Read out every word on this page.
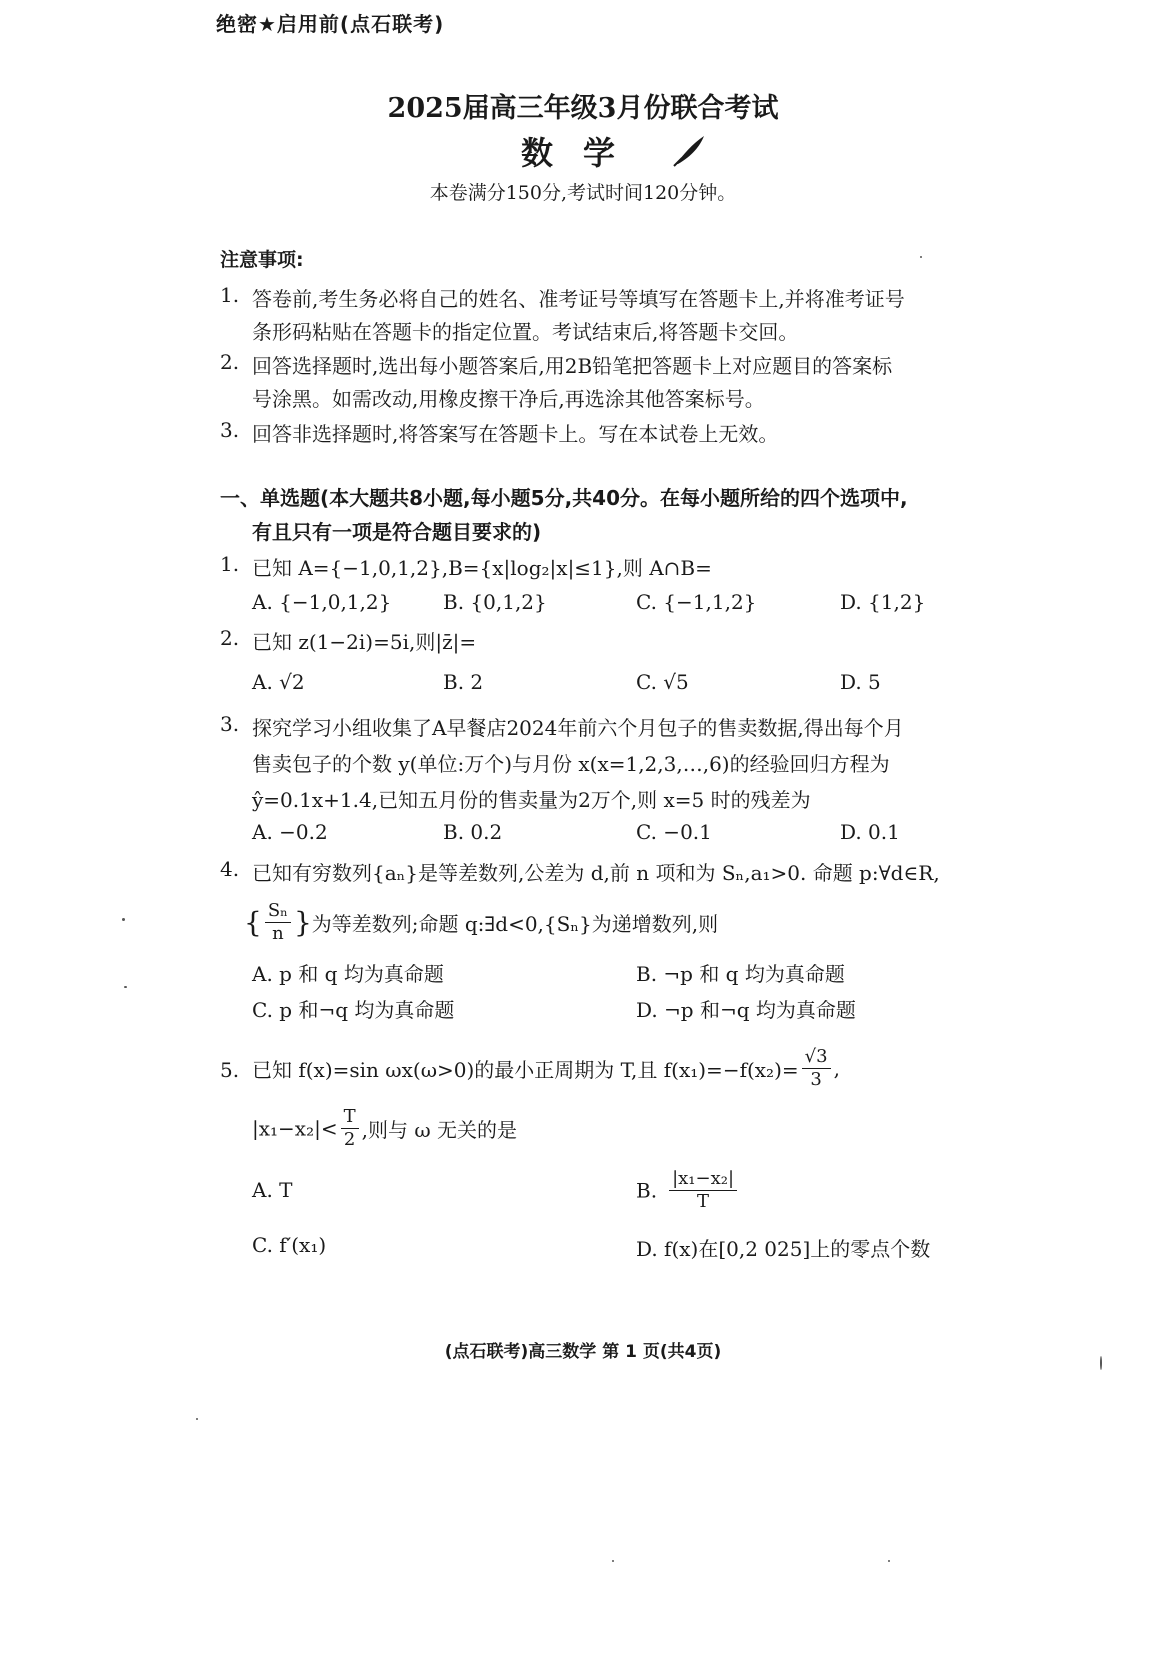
绝密★启用前(点石联考)
2025届高三年级3月份联合考试
数学
本卷满分150分,考试时间120分钟。
注意事项:
1. 答卷前,考生务必将自己的姓名、准考证号等填写在答题卡上,并将准考证号
条形码粘贴在答题卡的指定位置。考试结束后,将答题卡交回。
2. 回答选择题时,选出每小题答案后,用2B铅笔把答题卡上对应题目的答案标
号涂黑。如需改动,用橡皮擦干净后,再选涂其他答案标号。
3. 回答非选择题时,将答案写在答题卡上。写在本试卷上无效。
一、单选题(本大题共8小题,每小题5分,共40分。在每小题所给的四个选项中,
有且只有一项是符合题目要求的)
1. 已知 A={−1,0,1,2},B={x|log₂|x|≤1},则 A∩B=
A. {−1,0,1,2}	B. {0,1,2}	C. {−1,1,2}	D. {1,2}
2. 已知 z(1−2i)=5i,则|z̄|=
A. √2	B. 2	C. √5	D. 5
3. 探究学习小组收集了A早餐店2024年前六个月包子的售卖数据,得出每个月
售卖包子的个数 y(单位:万个)与月份 x(x=1,2,3,…,6)的经验回归方程为
ŷ=0.1x+1.4,已知五月份的售卖量为2万个,则 x=5 时的残差为
A. −0.2	B. 0.2	C. −0.1	D. 0.1
4. 已知有穷数列{aₙ}是等差数列,公差为 d,前 n 项和为 Sₙ,a₁>0. 命题 p:∀d∈R,
{ $\frac{\text{Sₙ}}{n}$ }为等差数列;命题 q:∃d<0,{Sₙ}为递增数列,则
A. p 和 q 均为真命题	B. ¬p 和 q 均为真命题
C. p 和¬q 均为真命题	D. ¬p 和¬q 均为真命题
5. 已知 f(x)=sin ωx(ω>0)的最小正周期为 T,且 $f(x_1)=-f(x_2)= \frac{√3}{3}$ ,
$|x_1-x_2|< \frac{T}{2}$ ,则与 ω 无关的是
A. T	B. $\frac{\text{|x₁−x₂|}}{T}$
C. f′(x₁)	D. f(x)在[0,2 025]上的零点个数
(点石联考)高三数学 第 1 页(共4页)
